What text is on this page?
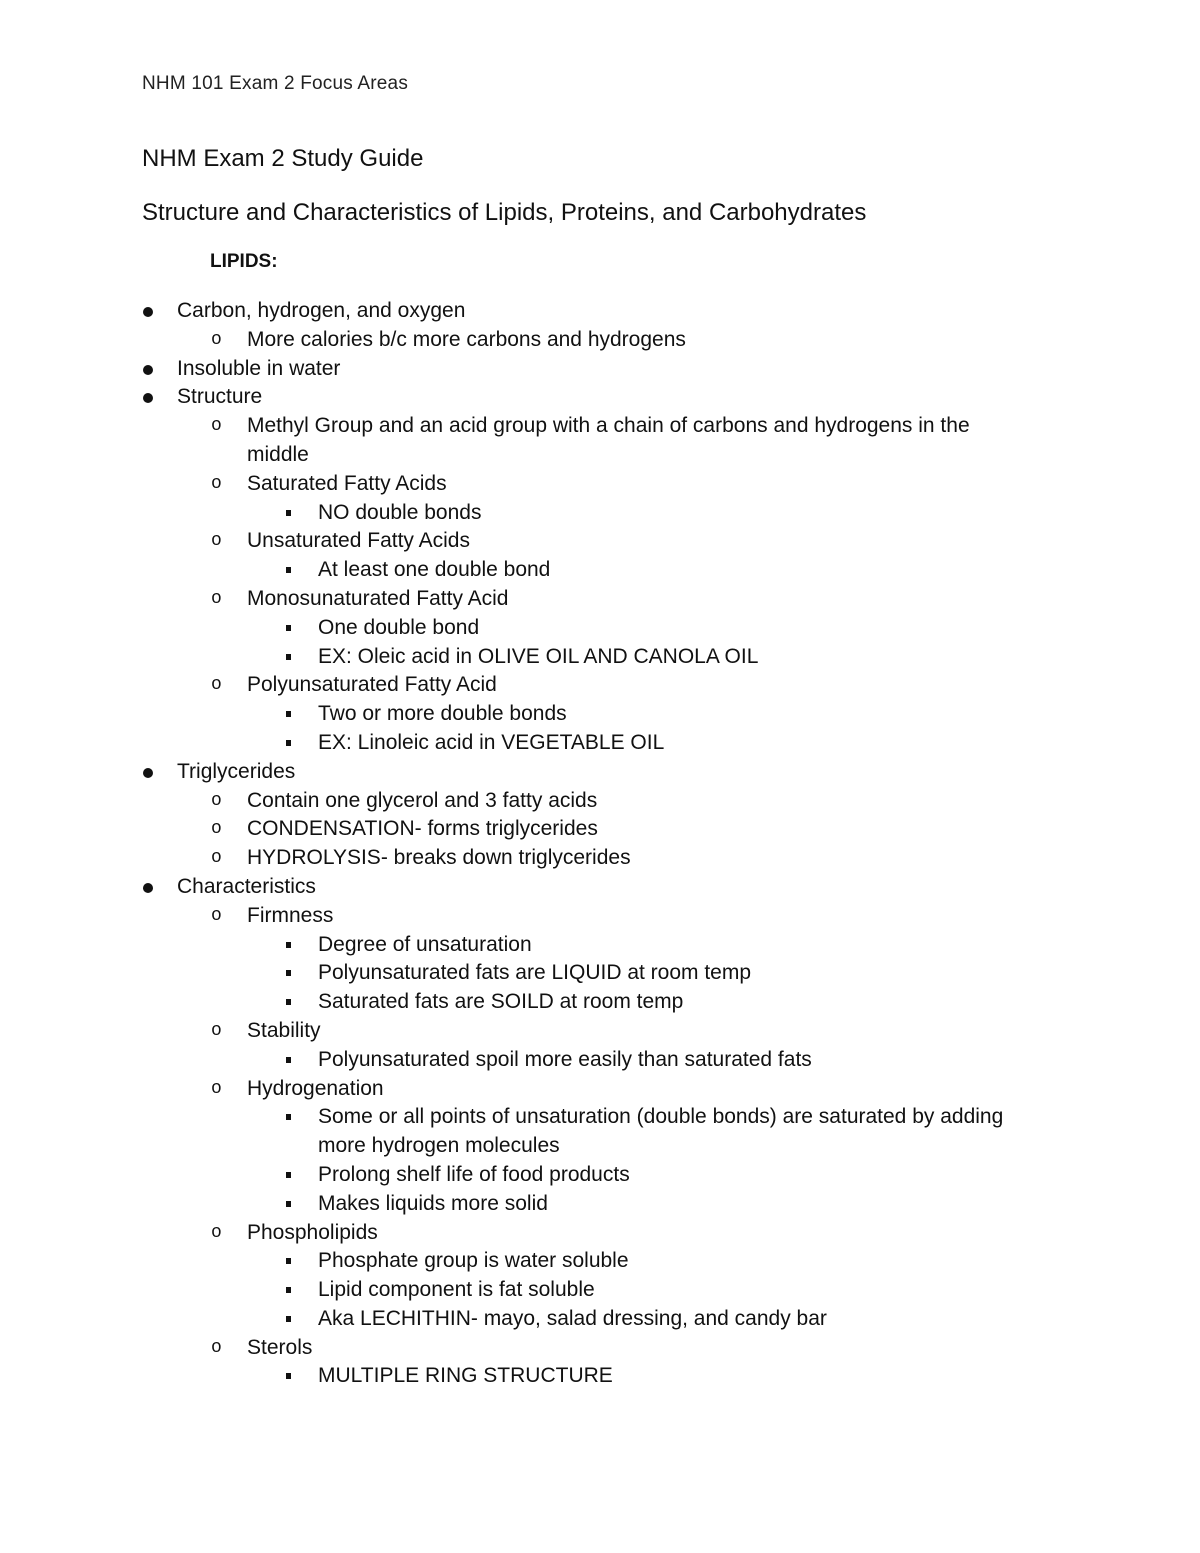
NHM 101 Exam 2 Focus Areas
NHM Exam 2 Study Guide
Structure and Characteristics of Lipids, Proteins, and Carbohydrates
LIPIDS:
Carbon, hydrogen, and oxygen
o More calories b/c more carbons and hydrogens
Insoluble in water
Structure
o Methyl Group and an acid group with a chain of carbons and hydrogens in the middle
o Saturated Fatty Acids
NO double bonds
o Unsaturated Fatty Acids
At least one double bond
o Monosunaturated Fatty Acid
One double bond
EX: Oleic acid in OLIVE OIL AND CANOLA OIL
o Polyunsaturated Fatty Acid
Two or more double bonds
EX: Linoleic acid in VEGETABLE OIL
Triglycerides
o Contain one glycerol and 3 fatty acids
o CONDENSATION- forms triglycerides
o HYDROLYSIS- breaks down triglycerides
Characteristics
o Firmness
Degree of unsaturation
Polyunsaturated fats are LIQUID at room temp
Saturated fats are SOILD at room temp
o Stability
Polyunsaturated spoil more easily than saturated fats
o Hydrogenation
Some or all points of unsaturation (double bonds) are saturated by adding more hydrogen molecules
Prolong shelf life of food products
Makes liquids more solid
o Phospholipids
Phosphate group is water soluble
Lipid component is fat soluble
Aka LECHITHIN- mayo, salad dressing, and candy bar
o Sterols
MULTIPLE RING STRUCTURE
